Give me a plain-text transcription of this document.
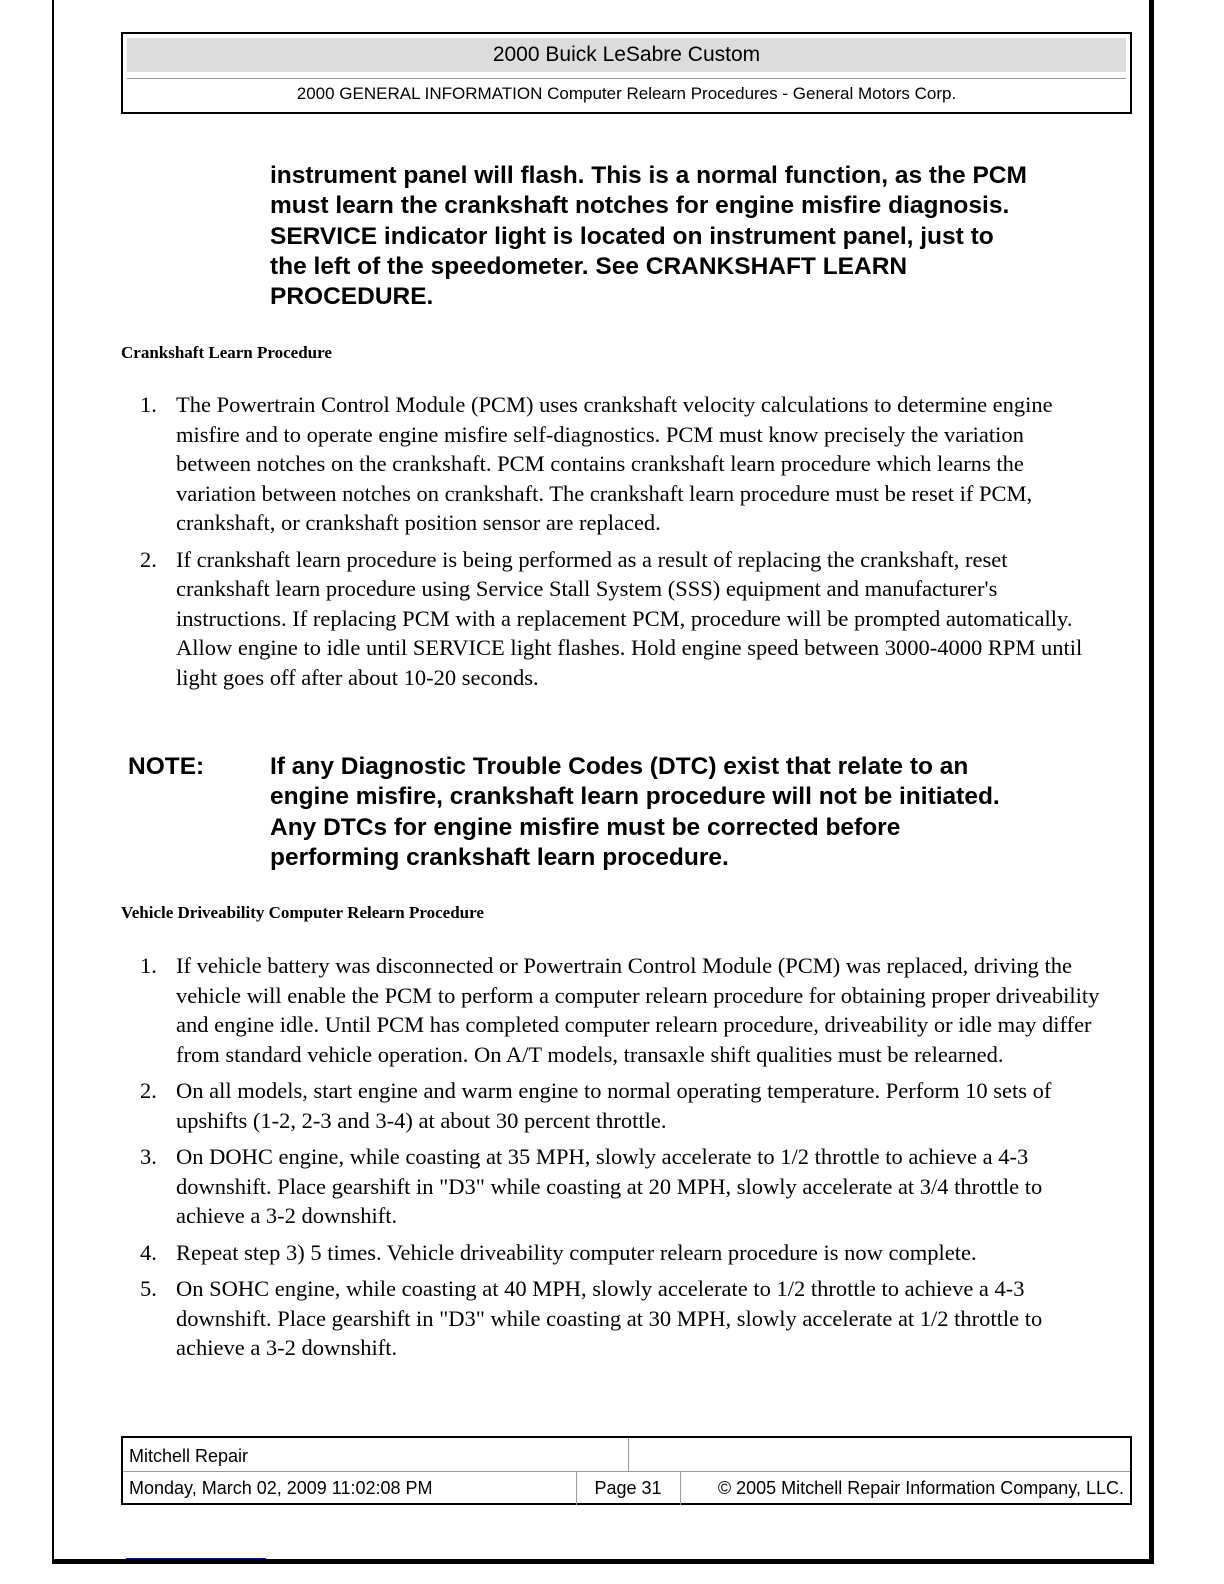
2000 Buick LeSabre Custom
2000 GENERAL INFORMATION Computer Relearn Procedures - General Motors Corp.
instrument panel will flash. This is a normal function, as the PCM
must learn the crankshaft notches for engine misfire diagnosis.
SERVICE indicator light is located on instrument panel, just to
the left of the speedometer. See CRANKSHAFT LEARN
PROCEDURE.
Crankshaft Learn Procedure
1. The Powertrain Control Module (PCM) uses crankshaft velocity calculations to determine engine misfire and to operate engine misfire self-diagnostics. PCM must know precisely the variation between notches on the crankshaft. PCM contains crankshaft learn procedure which learns the variation between notches on crankshaft. The crankshaft learn procedure must be reset if PCM, crankshaft, or crankshaft position sensor are replaced.
2. If crankshaft learn procedure is being performed as a result of replacing the crankshaft, reset crankshaft learn procedure using Service Stall System (SSS) equipment and manufacturer's instructions. If replacing PCM with a replacement PCM, procedure will be prompted automatically. Allow engine to idle until SERVICE light flashes. Hold engine speed between 3000-4000 RPM until light goes off after about 10-20 seconds.
NOTE:	If any Diagnostic Trouble Codes (DTC) exist that relate to an
engine misfire, crankshaft learn procedure will not be initiated.
Any DTCs for engine misfire must be corrected before
performing crankshaft learn procedure.
Vehicle Driveability Computer Relearn Procedure
1. If vehicle battery was disconnected or Powertrain Control Module (PCM) was replaced, driving the vehicle will enable the PCM to perform a computer relearn procedure for obtaining proper driveability and engine idle. Until PCM has completed computer relearn procedure, driveability or idle may differ from standard vehicle operation. On A/T models, transaxle shift qualities must be relearned.
2. On all models, start engine and warm engine to normal operating temperature. Perform 10 sets of upshifts (1-2, 2-3 and 3-4) at about 30 percent throttle.
3. On DOHC engine, while coasting at 35 MPH, slowly accelerate to 1/2 throttle to achieve a 4-3 downshift. Place gearshift in "D3" while coasting at 20 MPH, slowly accelerate at 3/4 throttle to achieve a 3-2 downshift.
4. Repeat step 3) 5 times. Vehicle driveability computer relearn procedure is now complete.
5. On SOHC engine, while coasting at 40 MPH, slowly accelerate to 1/2 throttle to achieve a 4-3 downshift. Place gearshift in "D3" while coasting at 30 MPH, slowly accelerate at 1/2 throttle to achieve a 3-2 downshift.
Mitchell Repair
Monday, March 02, 2009 11:02:08 PM	Page 31	© 2005 Mitchell Repair Information Company, LLC.
